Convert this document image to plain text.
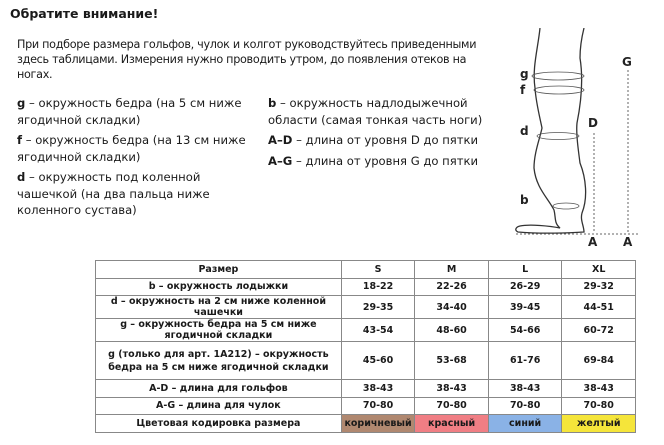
Обратите внимание!
При подборе размера гольфов, чулок и колгот руководствуйтесь приведенными здесь таблицами. Измерения нужно проводить утром, до появления отеков на ногах.

g – окружность бедра (на 5 см ниже ягодичной складки)

f – окружность бедра (на 13 см ниже ягодичной складки)

d – окружность под коленной чашечкой (на два пальца ниже коленного сустава)

b – окружность надлодыжечной области (самая тонкая часть ноги)

A–D – длина от уровня D до пятки

A–G – длина от уровня G до пятки

g
f
d
b
G
D
A A
Размер	S	M	L	XL
b – окружность лодыжки	18-22	22-26	26-29	29-32
d – окружность на 2 см ниже коленной чашечки	29-35	34-40	39-45	44-51
g – окружность бедра на 5 см ниже ягодичной складки	43-54	48-60	54-66	60-72
g (только для арт. 1А212) – окружность бедра на 5 см ниже ягодичной складки	45-60	53-68	61-76	69-84
A-D – длина для гольфов	38-43	38-43	38-43	38-43
A-G – длина для чулок	70-80	70-80	70-80	70-80
Цветовая кодировка размера	коричневый	красный	синий	желтый
